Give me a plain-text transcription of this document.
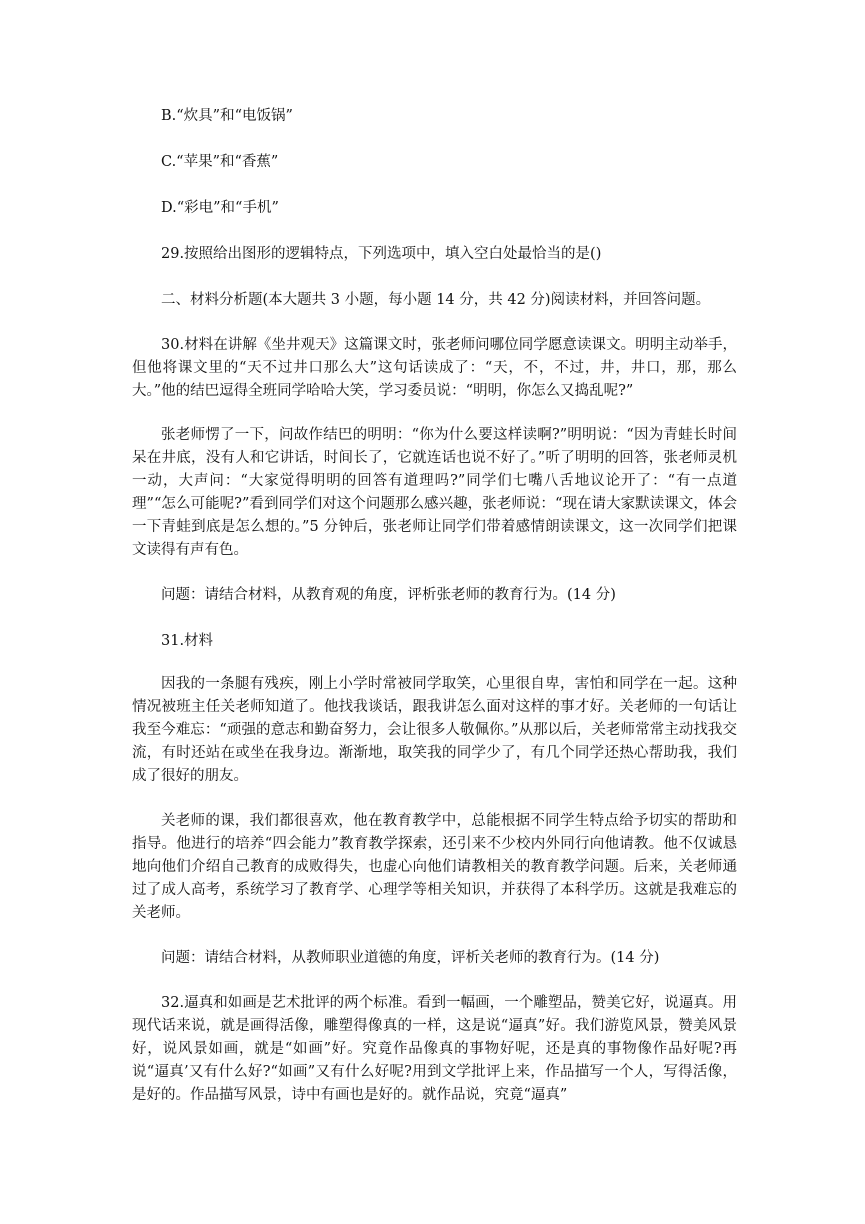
B.“炊具”和“电饭锅”
C.“苹果”和“香蕉”
D.“彩电”和“手机”
29.按照给出图形的逻辑特点，下列选项中，填入空白处最恰当的是()
二、材料分析题(本大题共 3 小题，每小题 14 分，共 42 分)阅读材料，并回答问题。

30.材料在讲解《坐井观天》这篇课文时，张老师问哪位同学愿意读课文。明明主动举手，但他将课文里的“天不过井口那么大”这句话读成了：“天，不，不过，井，井口，那，那么大。”他的结巴逗得全班同学哈哈大笑，学习委员说：“明明，你怎么又捣乱呢?”

张老师愣了一下，问故作结巴的明明：“你为什么要这样读啊?”明明说：“因为青蛙长时间呆在井底，没有人和它讲话，时间长了，它就连话也说不好了。”听了明明的回答，张老师灵机一动，大声问：“大家觉得明明的回答有道理吗?”同学们七嘴八舌地议论开了：“有一点道理”“怎么可能呢?”看到同学们对这个问题那么感兴趣，张老师说：“现在请大家默读课文，体会一下青蛙到底是怎么想的。”5 分钟后，张老师让同学们带着感情朗读课文，这一次同学们把课文读得有声有色。

问题：请结合材料，从教育观的角度，评析张老师的教育行为。(14 分)
31.材料

因我的一条腿有残疾，刚上小学时常被同学取笑，心里很自卑，害怕和同学在一起。这种情况被班主任关老师知道了。他找我谈话，跟我讲怎么面对这样的事才好。关老师的一句话让我至今难忘：“顽强的意志和勤奋努力，会让很多人敬佩你。”从那以后，关老师常常主动找我交流，有时还站在或坐在我身边。渐渐地，取笑我的同学少了，有几个同学还热心帮助我，我们成了很好的朋友。

关老师的课，我们都很喜欢，他在教育教学中，总能根据不同学生特点给予切实的帮助和指导。他进行的培养“四会能力”教育教学探索，还引来不少校内外同行向他请教。他不仅诚恳地向他们介绍自己教育的成败得失，也虚心向他们请教相关的教育教学问题。后来，关老师通过了成人高考，系统学习了教育学、心理学等相关知识，并获得了本科学历。这就是我难忘的关老师。

问题：请结合材料，从教师职业道德的角度，评析关老师的教育行为。(14 分)

32.逼真和如画是艺术批评的两个标准。看到一幅画，一个雕塑品，赞美它好，说逼真。用现代话来说，就是画得活像，雕塑得像真的一样，这是说“逼真”好。我们游览风景，赞美风景好，说风景如画，就是“如画”好。究竟作品像真的事物好呢，还是真的事物像作品好呢?再说“逼真’又有什么好?“如画”又有什么好呢?用到文学批评上来，作品描写一个人，写得活像，是好的。作品描写风景，诗中有画也是好的。就作品说，究竟“逼真”
